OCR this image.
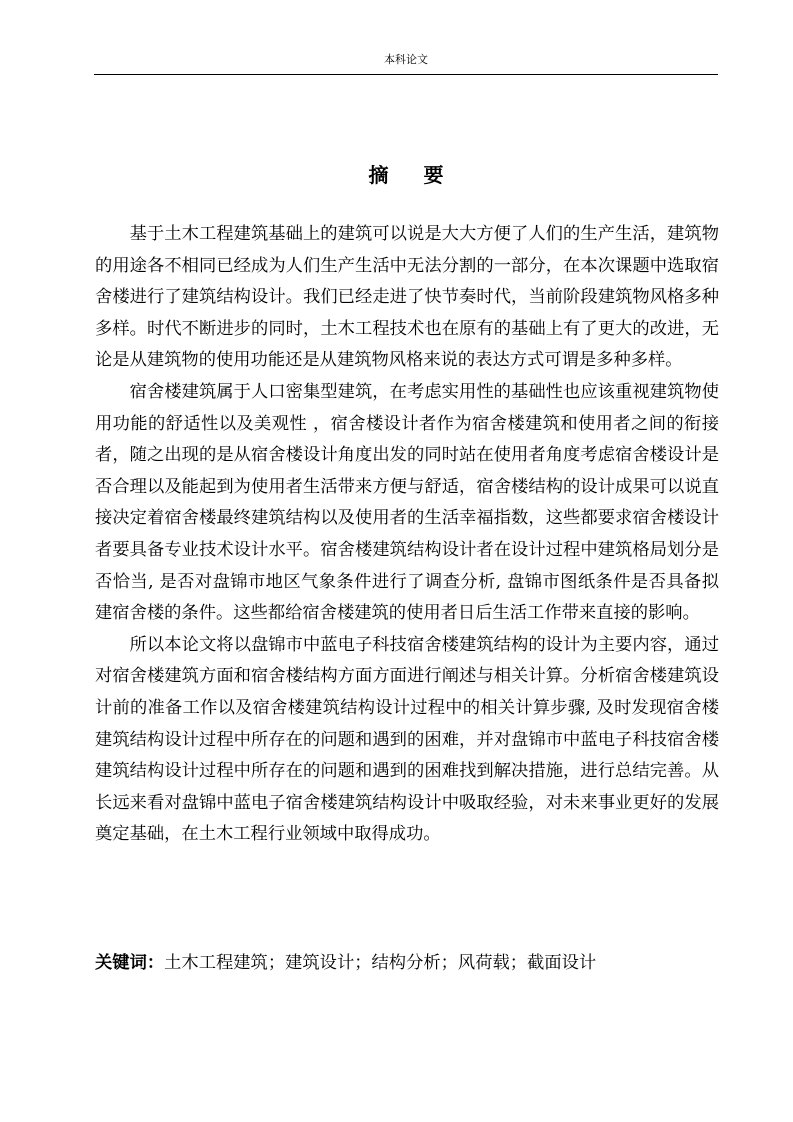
本科论文
摘 要

基于土木工程建筑基础上的建筑可以说是大大方便了人们的生产生活，建筑物的用途各不相同已经成为人们生产生活中无法分割的一部分，在本次课题中选取宿舍楼进行了建筑结构设计。我们已经走进了快节奏时代，当前阶段建筑物风格多种多样。时代不断进步的同时，土木工程技术也在原有的基础上有了更大的改进，无论是从建筑物的使用功能还是从建筑物风格来说的表达方式可谓是多种多样。

宿舍楼建筑属于人口密集型建筑，在考虑实用性的基础性也应该重视建筑物使用功能的舒适性以及美观性 ，宿舍楼设计者作为宿舍楼建筑和使用者之间的衔接者，随之出现的是从宿舍楼设计角度出发的同时站在使用者角度考虑宿舍楼设计是否合理以及能起到为使用者生活带来方便与舒适，宿舍楼结构的设计成果可以说直接决定着宿舍楼最终建筑结构以及使用者的生活幸福指数，这些都要求宿舍楼设计者要具备专业技术设计水平。宿舍楼建筑结构设计者在设计过程中建筑格局划分是否恰当, 是否对盘锦市地区气象条件进行了调查分析, 盘锦市图纸条件是否具备拟建宿舍楼的条件。这些都给宿舍楼建筑的使用者日后生活工作带来直接的影响。

所以本论文将以盘锦市中蓝电子科技宿舍楼建筑结构的设计为主要内容，通过对宿舍楼建筑方面和宿舍楼结构方面方面进行阐述与相关计算。分析宿舍楼建筑设计前的准备工作以及宿舍楼建筑结构设计过程中的相关计算步骤, 及时发现宿舍楼建筑结构设计过程中所存在的问题和遇到的困难，并对盘锦市中蓝电子科技宿舍楼建筑结构设计过程中所存在的问题和遇到的困难找到解决措施，进行总结完善。从长远来看对盘锦中蓝电子宿舍楼建筑结构设计中吸取经验，对未来事业更好的发展奠定基础，在土木工程行业领域中取得成功。

关键词：土木工程建筑；建筑设计；结构分析；风荷载；截面设计
